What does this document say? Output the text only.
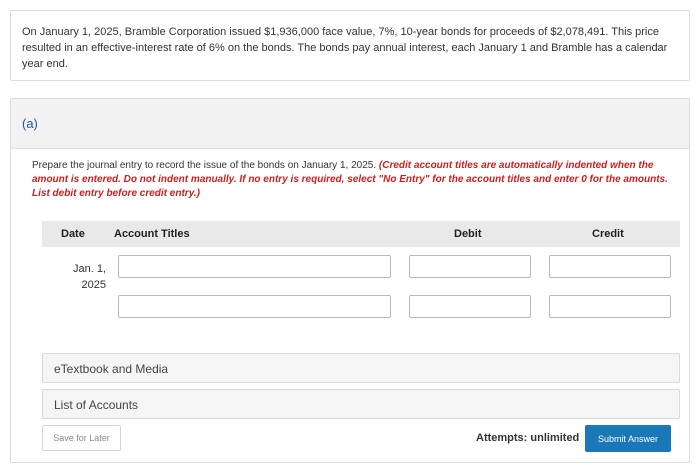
On January 1, 2025, Bramble Corporation issued $1,936,000 face value, 7%, 10-year bonds for proceeds of $2,078,491. This price resulted in an effective-interest rate of 6% on the bonds. The bonds pay annual interest, each January 1 and Bramble has a calendar year end.

(a)

Prepare the journal entry to record the issue of the bonds on January 1, 2025. (Credit account titles are automatically indented when the amount is entered. Do not indent manually. If no entry is required, select "No Entry" for the account titles and enter 0 for the amounts. List debit entry before credit entry.)

Date	Account Titles	Debit	Credit
Jan. 1,
2025
eTextbook and Media
List of Accounts
Save for Later	Attempts: unlimited	Submit Answer
